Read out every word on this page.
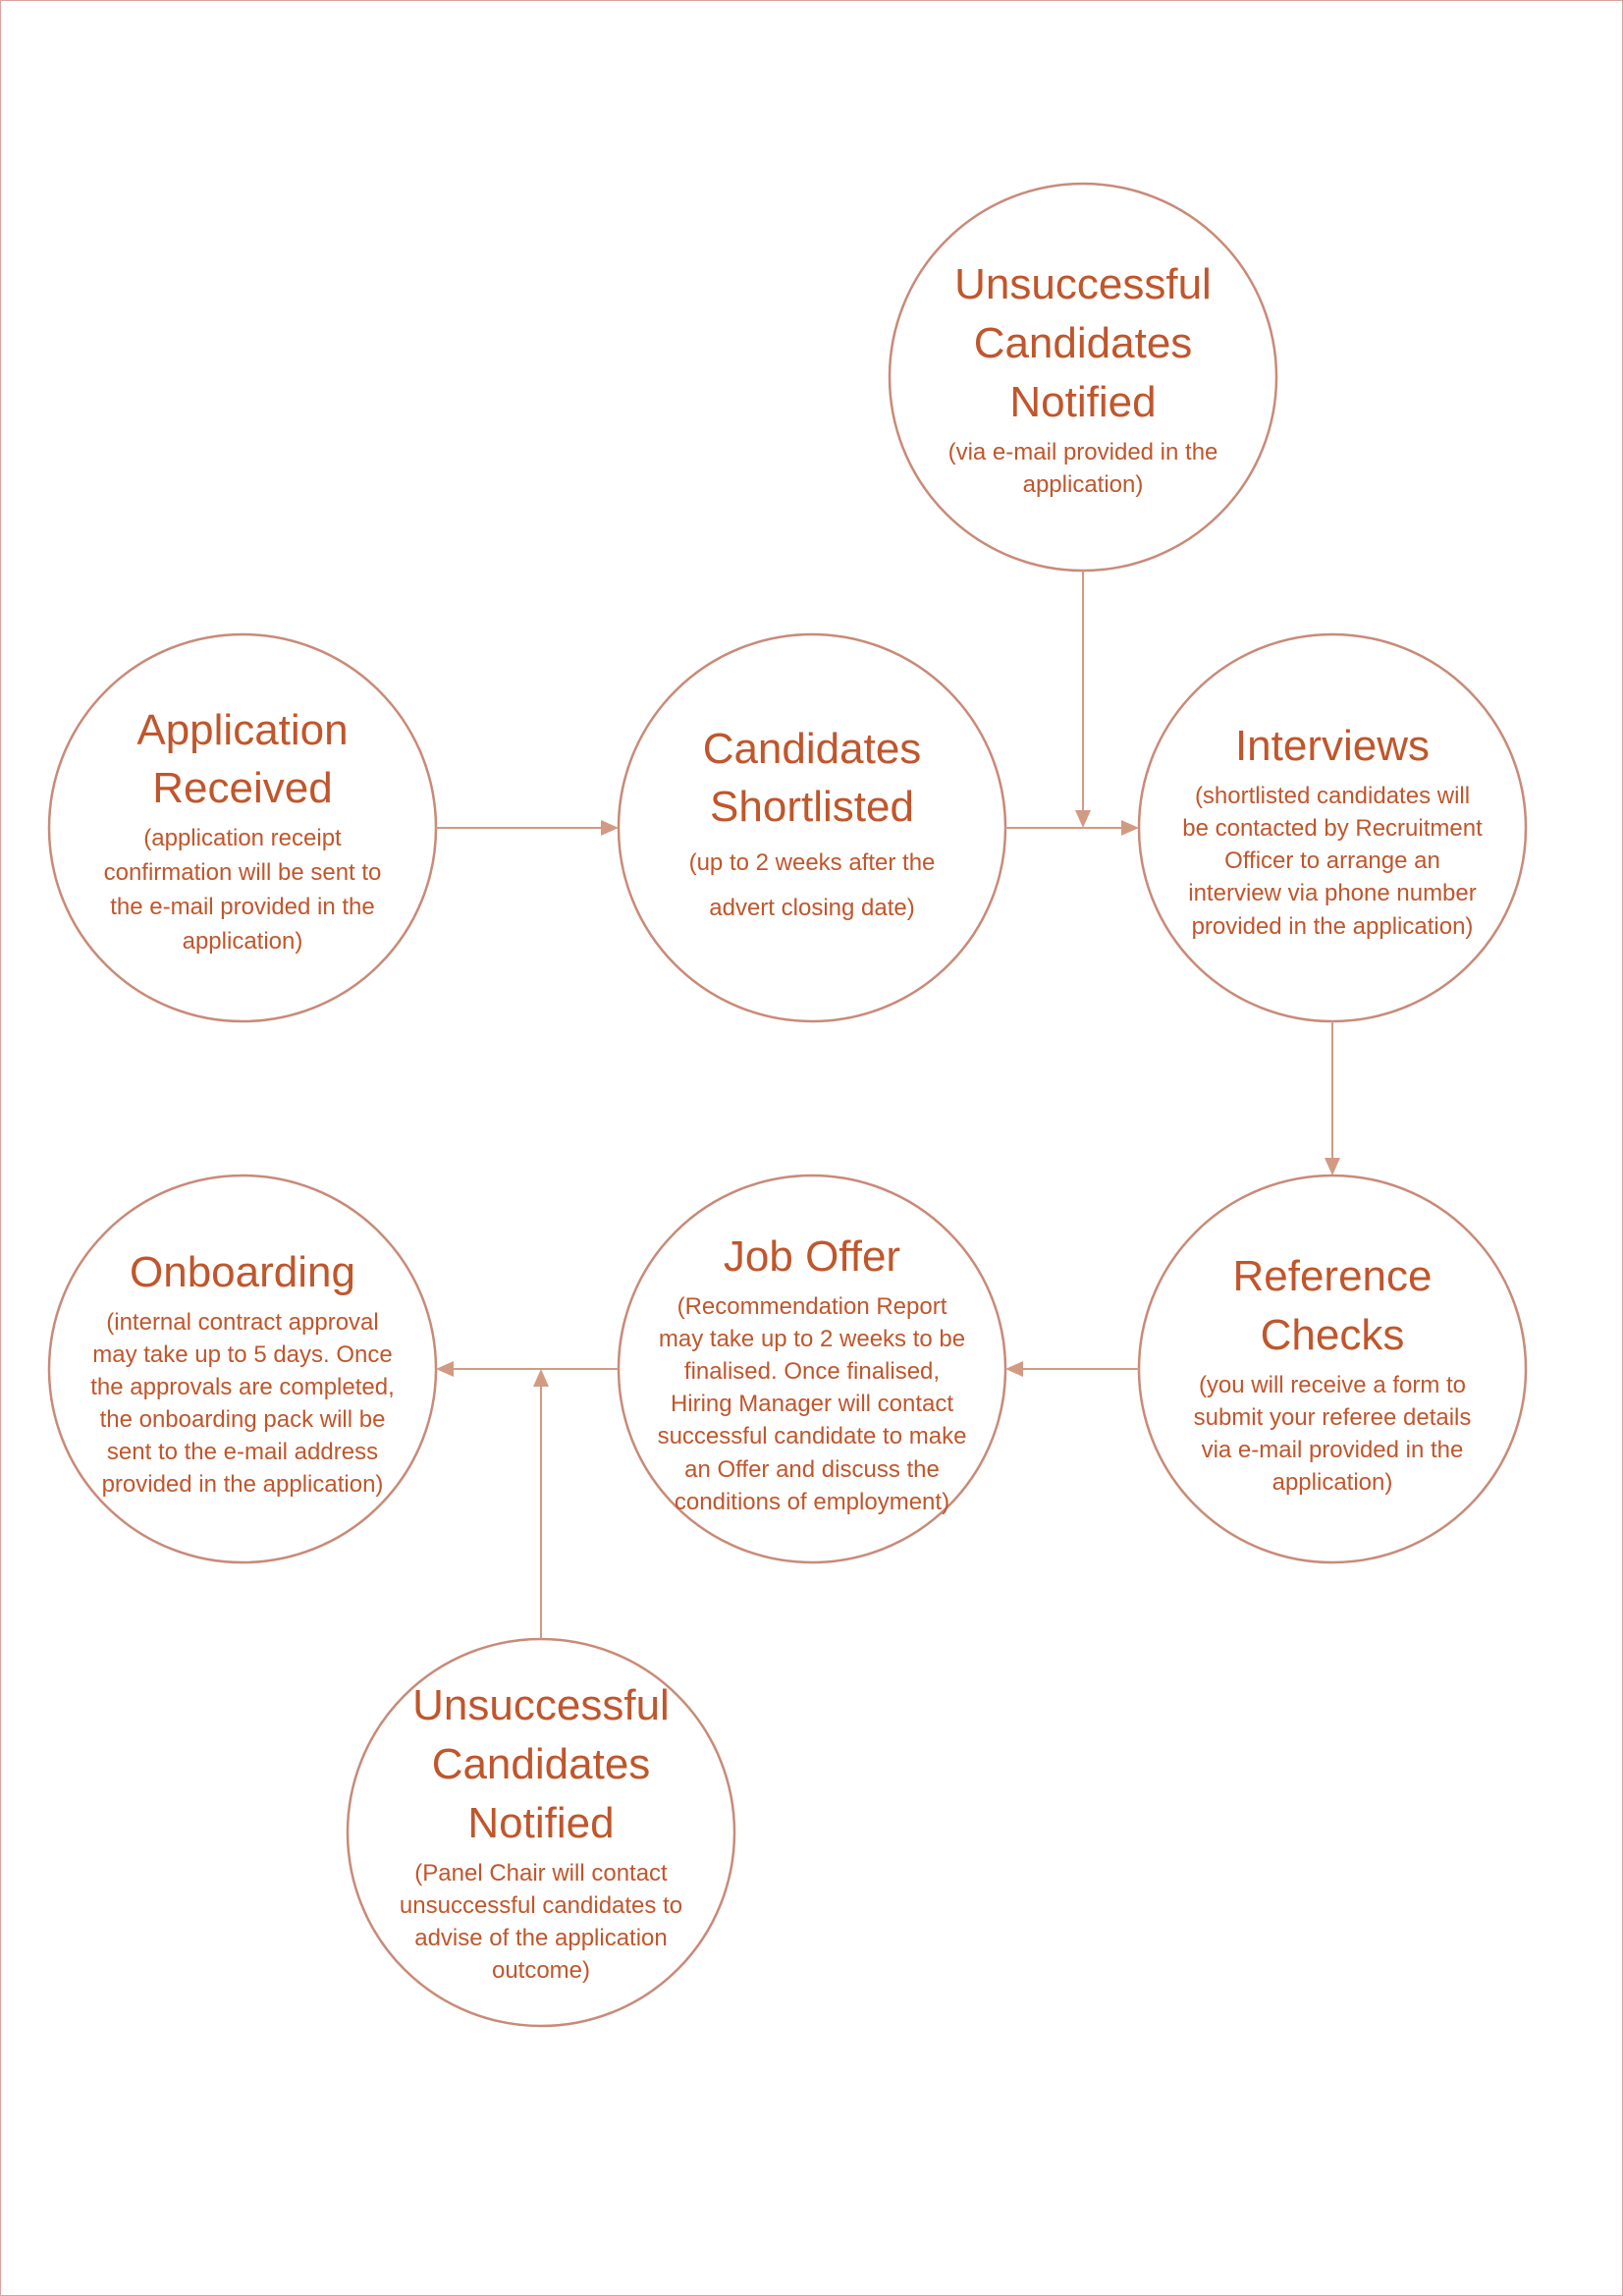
Unsuccessful
Candidates
Notified
(via e-mail provided in the
application)
Application
Received
(application receipt
confirmation will be sent to
the e-mail provided in the
application)
Candidates
Shortlisted
(up to 2 weeks after the
advert closing date)
Interviews
(shortlisted candidates will
be contacted by Recruitment
Officer to arrange an
interview via phone number
provided in the application)
Reference
Checks
(you will receive a form to
submit your referee details
via e-mail provided in the
application)
Job Offer
(Recommendation Report
may take up to 2 weeks to be
finalised. Once finalised,
Hiring Manager will contact
successful candidate to make
an Offer and discuss the
conditions of employment)
Onboarding
(internal contract approval
may take up to 5 days. Once
the approvals are completed,
the onboarding pack will be
sent to the e-mail address
provided in the application)
Unsuccessful
Candidates
Notified
(Panel Chair will contact
unsuccessful candidates to
advise of the application
outcome)
